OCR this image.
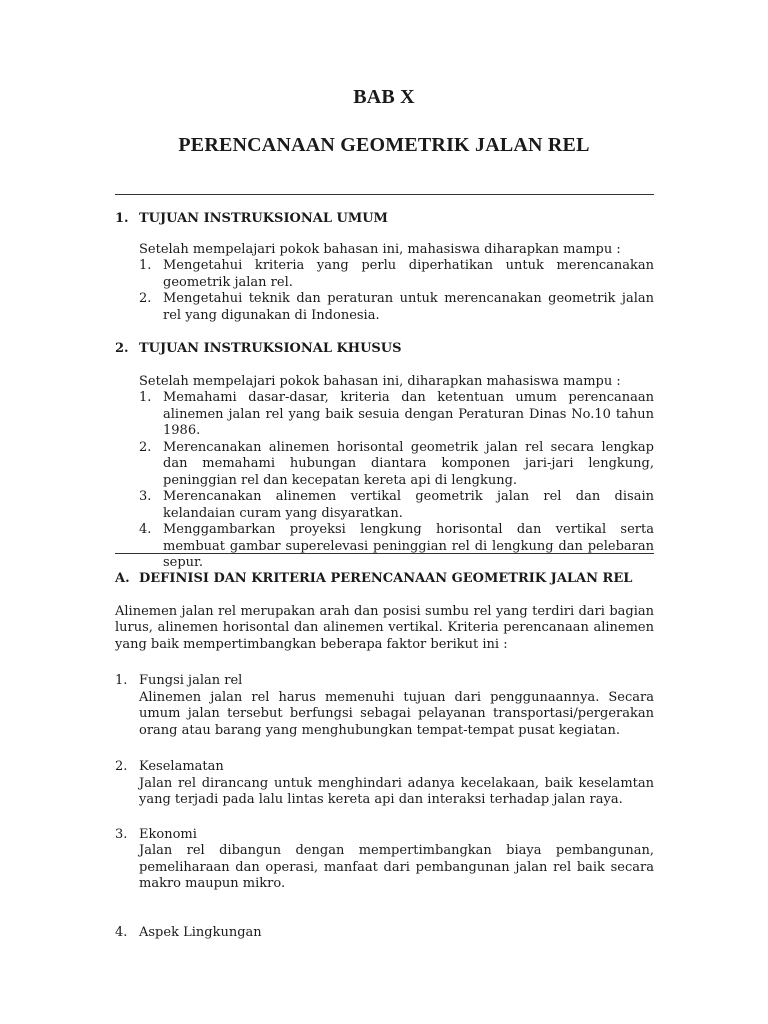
BAB X
PERENCANAAN GEOMETRIK JALAN REL
1. TUJUAN INSTRUKSIONAL UMUM
Setelah mempelajari pokok bahasan ini, mahasiswa diharapkan mampu :
1. Mengetahui kriteria yang perlu diperhatikan untuk merencanakan geometrik jalan rel.
2. Mengetahui teknik dan peraturan untuk merencanakan geometrik jalan rel yang digunakan di Indonesia.
2. TUJUAN INSTRUKSIONAL KHUSUS
Setelah mempelajari pokok bahasan ini, diharapkan mahasiswa mampu :
1. Memahami dasar-dasar, kriteria dan ketentuan umum perencanaan alinemen jalan rel yang baik sesuia dengan Peraturan Dinas No.10 tahun 1986.
2. Merencanakan alinemen horisontal geometrik jalan rel secara lengkap dan memahami hubungan diantara komponen jari-jari lengkung, peninggian rel dan kecepatan kereta api di lengkung.
3. Merencanakan alinemen vertikal geometrik jalan rel dan disain kelandaian curam yang disyaratkan.
4. Menggambarkan proyeksi lengkung horisontal dan vertikal serta membuat gambar superelevasi peninggian rel di lengkung dan pelebaran sepur.
A. DEFINISI DAN KRITERIA PERENCANAAN GEOMETRIK JALAN REL
Alinemen jalan rel merupakan arah dan posisi sumbu rel yang terdiri dari bagian lurus, alinemen horisontal dan alinemen vertikal. Kriteria perencanaan alinemen yang baik mempertimbangkan beberapa faktor berikut ini :
1. Fungsi jalan rel
Alinemen jalan rel harus memenuhi tujuan dari penggunaannya. Secara umum jalan tersebut berfungsi sebagai pelayanan transportasi/pergerakan orang atau barang yang menghubungkan tempat-tempat pusat kegiatan.
2. Keselamatan
Jalan rel dirancang untuk menghindari adanya kecelakaan, baik keselamtan yang terjadi pada lalu lintas kereta api dan interaksi terhadap jalan raya.
3. Ekonomi
Jalan rel dibangun dengan mempertimbangkan biaya pembangunan, pemeliharaan dan operasi, manfaat dari pembangunan jalan rel baik secara makro maupun mikro.
4. Aspek Lingkungan
